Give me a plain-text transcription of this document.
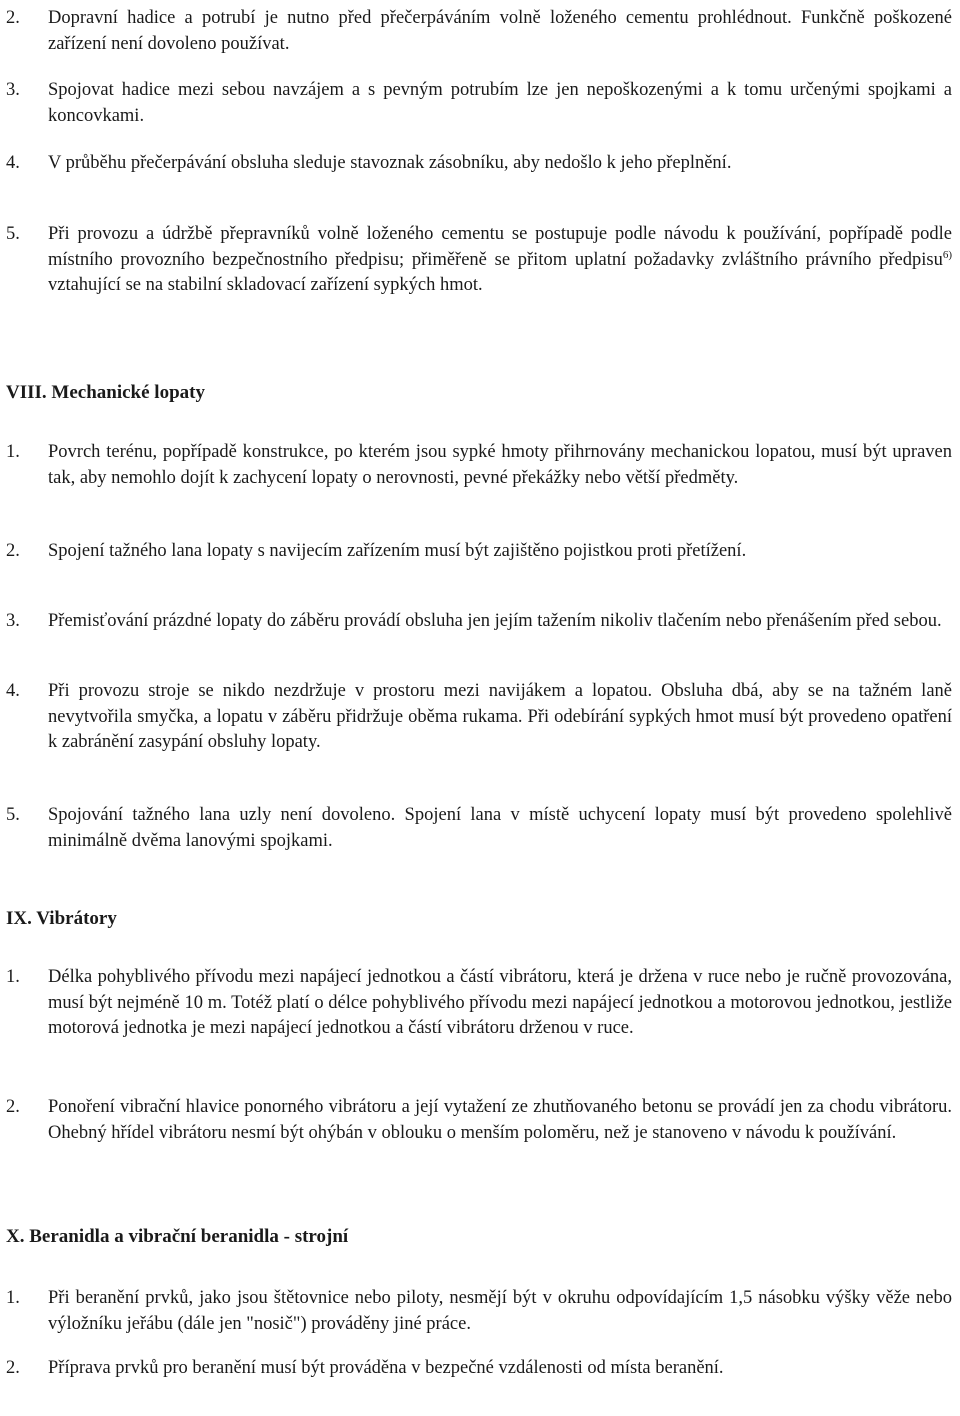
2.	Dopravní hadice a potrubí je nutno před přečerpáváním volně loženého cementu prohlédnout. Funkčně poškozené zařízení není dovoleno používat.
3.	Spojovat hadice mezi sebou navzájem a s pevným potrubím lze jen nepoškozenými a k tomu určenými spojkami a koncovkami.
4.	V průběhu přečerpávání obsluha sleduje stavoznak zásobníku, aby nedošlo k jeho přeplnění.
5.	Při provozu a údržbě přepravníků volně loženého cementu se postupuje podle návodu k používání, popřípadě podle místního provozního bezpečnostního předpisu; přiměřeně se přitom uplatní požadavky zvláštního právního předpisu$^{6)}$ vztahující se na stabilní skladovací zařízení sypkých hmot.
VIII. Mechanické lopaty
1.	Povrch terénu, popřípadě konstrukce, po kterém jsou sypké hmoty přihrnovány mechanickou lopatou, musí být upraven tak, aby nemohlo dojít k zachycení lopaty o nerovnosti, pevné překážky nebo větší předměty.
2.	Spojení tažného lana lopaty s navijecím zařízením musí být zajištěno pojistkou proti přetížení.
3.	Přemisťování prázdné lopaty do záběru provádí obsluha jen jejím tažením nikoliv tlačením nebo přenášením před sebou.
4.	Při provozu stroje se nikdo nezdržuje v prostoru mezi navijákem a lopatou. Obsluha dbá, aby se na tažném laně nevytvořila smyčka, a lopatu v záběru přidržuje oběma rukama. Při odebírání sypkých hmot musí být provedeno opatření k zabránění zasypání obsluhy lopaty.
5.	Spojování tažného lana uzly není dovoleno. Spojení lana v místě uchycení lopaty musí být provedeno spolehlivě minimálně dvěma lanovými spojkami.
IX. Vibrátory
1.	Délka pohyblivého přívodu mezi napájecí jednotkou a částí vibrátoru, která je držena v ruce nebo je ručně provozována, musí být nejméně 10 m. Totéž platí o délce pohyblivého přívodu mezi napájecí jednotkou a motorovou jednotkou, jestliže motorová jednotka je mezi napájecí jednotkou a částí vibrátoru drženou v ruce.
2.	Ponoření vibrační hlavice ponorného vibrátoru a její vytažení ze zhutňovaného betonu se provádí jen za chodu vibrátoru. Ohebný hřídel vibrátoru nesmí být ohýbán v oblouku o menším poloměru, než je stanoveno v návodu k používání.
X. Beranidla a vibrační beranidla - strojní
1.	Při beranění prvků, jako jsou štětovnice nebo piloty, nesmějí být v okruhu odpovídajícím 1,5 násobku výšky věže nebo výložníku jeřábu (dále jen "nosič") prováděny jiné práce.
2.	Příprava prvků pro beranění musí být prováděna v bezpečné vzdálenosti od místa beranění.
